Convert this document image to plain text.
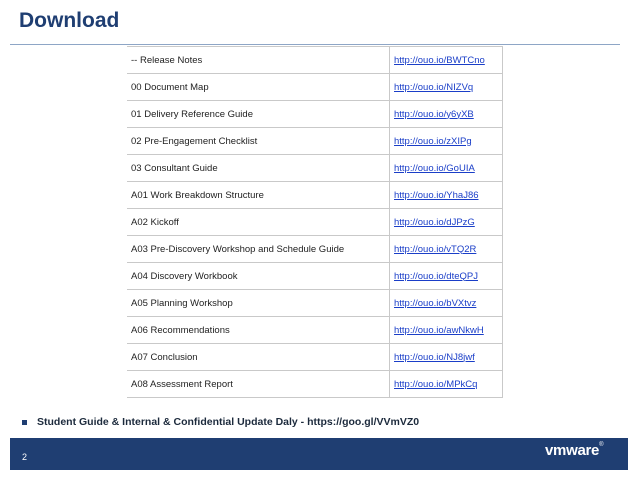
Download
-- Release Notes	http://ouo.io/BWTCno
00 Document Map	http://ouo.io/NIZVq
01 Delivery Reference Guide	http://ouo.io/y6yXB
02 Pre-Engagement Checklist	http://ouo.io/zXIPg
03 Consultant Guide	http://ouo.io/GoUIA
A01 Work Breakdown Structure	http://ouo.io/YhaJ86
A02 Kickoff	http://ouo.io/dJPzG
A03 Pre-Discovery Workshop and Schedule Guide	http://ouo.io/vTQ2R
A04 Discovery Workbook	http://ouo.io/dteQPJ
A05 Planning Workshop	http://ouo.io/bVXtvz
A06 Recommendations	http://ouo.io/awNkwH
A07 Conclusion	http://ouo.io/NJ8jwf
A08 Assessment Report	http://ouo.io/MPkCq
Student Guide & Internal & Confidential Update Daly - https://goo.gl/VVmVZ0
2	vmware®
